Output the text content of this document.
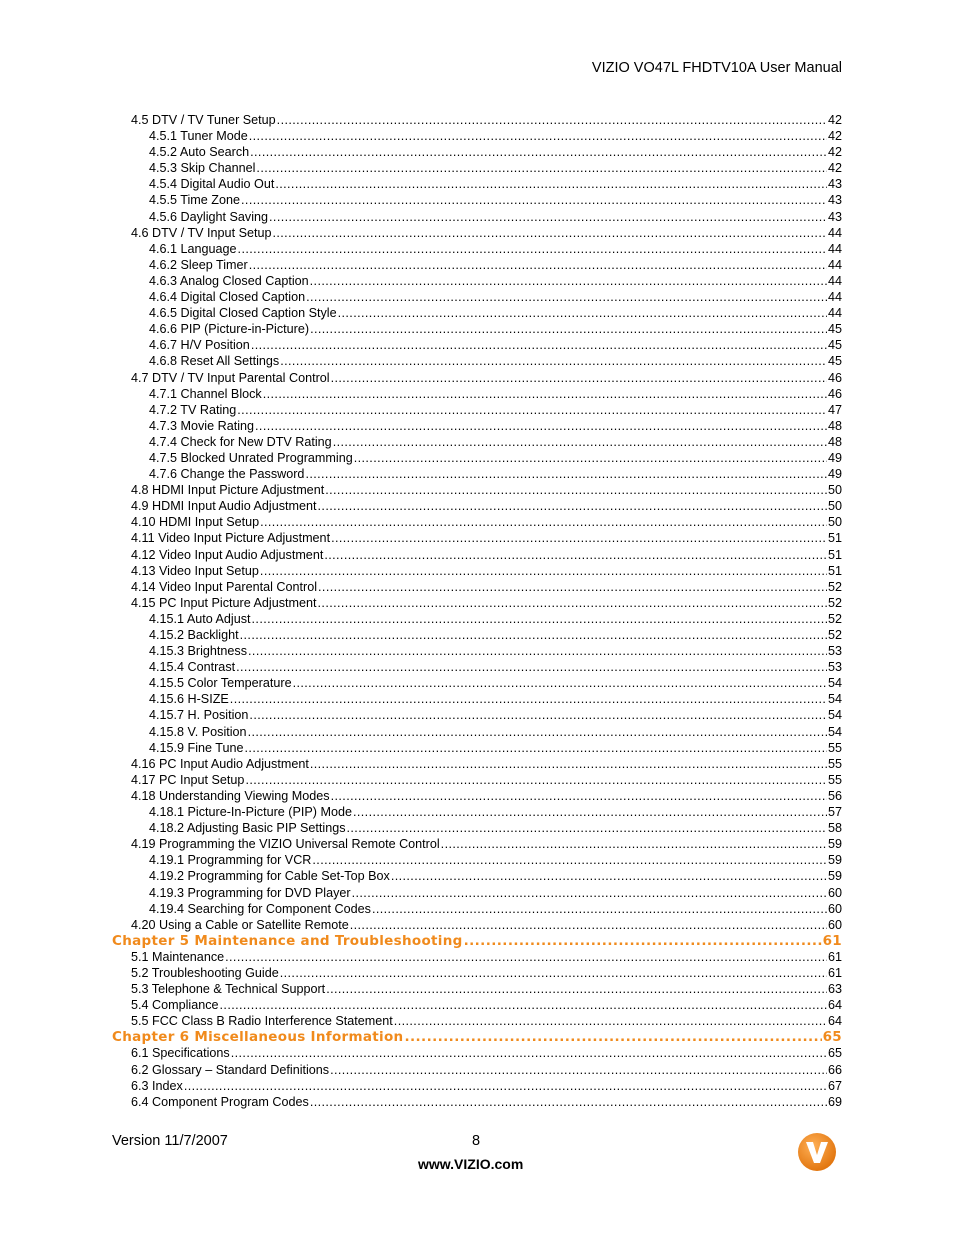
VIZIO VO47L FHDTV10A User Manual
4.5 DTV / TV Tuner Setup .....	42
4.5.1 Tuner Mode .....	42
4.5.2 Auto Search .....	42
4.5.3 Skip Channel .....	42
4.5.4 Digital Audio Out .....	43
4.5.5 Time Zone .....	43
4.5.6 Daylight Saving .....	43
4.6 DTV / TV Input Setup .....	44
4.6.1 Language .....	44
4.6.2 Sleep Timer .....	44
4.6.3 Analog Closed Caption .....	44
4.6.4 Digital Closed Caption .....	44
4.6.5 Digital Closed Caption Style .....	44
4.6.6 PIP (Picture-in-Picture) .....	45
4.6.7 H/V Position .....	45
4.6.8 Reset All Settings .....	45
4.7 DTV / TV Input Parental Control .....	46
4.7.1 Channel Block .....	46
4.7.2 TV Rating .....	47
4.7.3 Movie Rating .....	48
4.7.4 Check for New DTV Rating .....	48
4.7.5 Blocked Unrated Programming .....	49
4.7.6 Change the Password .....	49
4.8 HDMI Input Picture Adjustment .....	50
4.9 HDMI Input Audio Adjustment .....	50
4.10 HDMI Input Setup .....	50
4.11 Video Input Picture Adjustment .....	51
4.12 Video Input Audio Adjustment .....	51
4.13 Video Input Setup .....	51
4.14 Video Input Parental Control .....	52
4.15 PC Input Picture Adjustment .....	52
4.15.1 Auto Adjust .....	52
4.15.2 Backlight .....	52
4.15.3 Brightness .....	53
4.15.4 Contrast .....	53
4.15.5 Color Temperature .....	54
4.15.6 H-SIZE .....	54
4.15.7 H. Position .....	54
4.15.8 V. Position .....	54
4.15.9 Fine Tune .....	55
4.16 PC Input Audio Adjustment .....	55
4.17 PC Input Setup .....	55
4.18 Understanding Viewing Modes .....	56
4.18.1 Picture-In-Picture (PIP) Mode .....	57
4.18.2 Adjusting Basic PIP Settings .....	58
4.19 Programming the VIZIO Universal Remote Control .....	59
4.19.1 Programming for VCR .....	59
4.19.2 Programming for Cable Set-Top Box .....	59
4.19.3 Programming for DVD Player .....	60
4.19.4 Searching for Component Codes .....	60
4.20 Using a Cable or Satellite Remote .....	60
Chapter 5 Maintenance and Troubleshooting .....	61
5.1 Maintenance .....	61
5.2 Troubleshooting Guide .....	61
5.3 Telephone & Technical Support .....	63
5.4 Compliance .....	64
5.5 FCC Class B Radio Interference Statement .....	64
Chapter 6 Miscellaneous Information .....	65
6.1 Specifications .....	65
6.2 Glossary – Standard Definitions .....	66
6.3 Index .....	67
6.4 Component Program Codes .....	69
Version 11/7/2007	8
www.VIZIO.com
